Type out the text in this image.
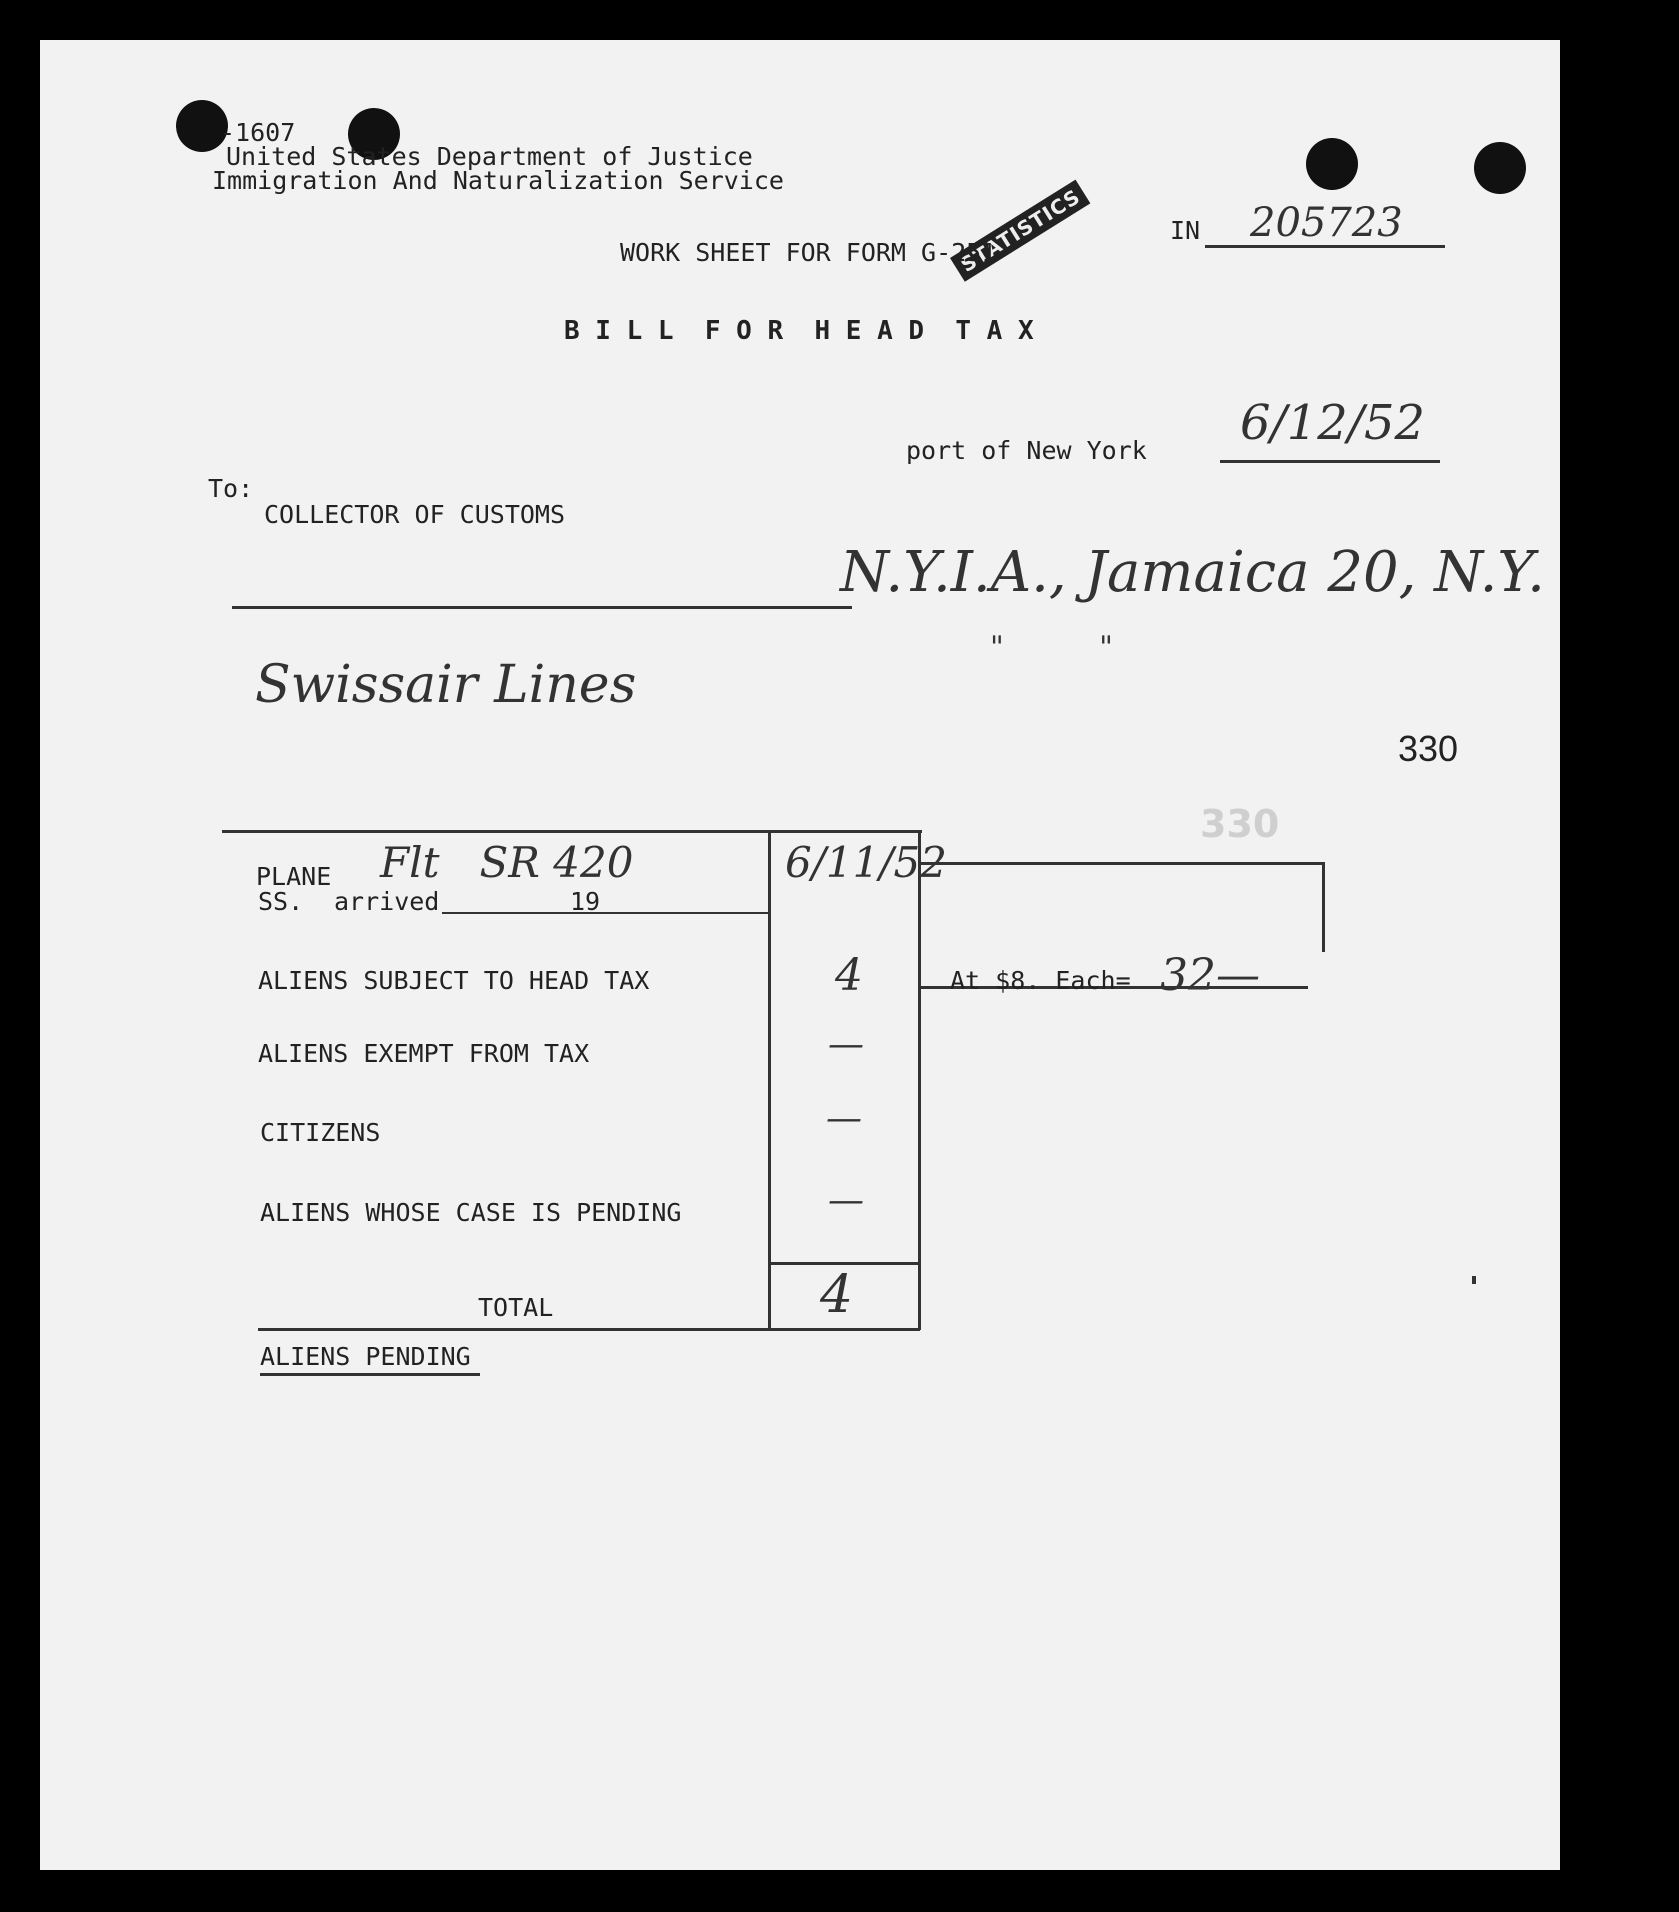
-1607
United States Department of Justice
Immigration And Naturalization Service
STATISTICS
WORK SHEET FOR FORM G-251
IN 205723
B I L L  F O R  H E A D  T A X
port of New York 6/12/52
To:
COLLECTOR OF CUSTOMS
N.Y.I.A., Jamaica 20, N.Y.
Swissair Lines
"          "
330
330
PLANE
SS. arrived	19
Flt   SR 420	6/11/52
ALIENS SUBJECT TO HEAD TAX	4	At $8. Each= 32—
ALIENS EXEMPT FROM TAX	—
CITIZENS	—
ALIENS WHOSE CASE IS PENDING	—
TOTAL	4
ALIENS PENDING
